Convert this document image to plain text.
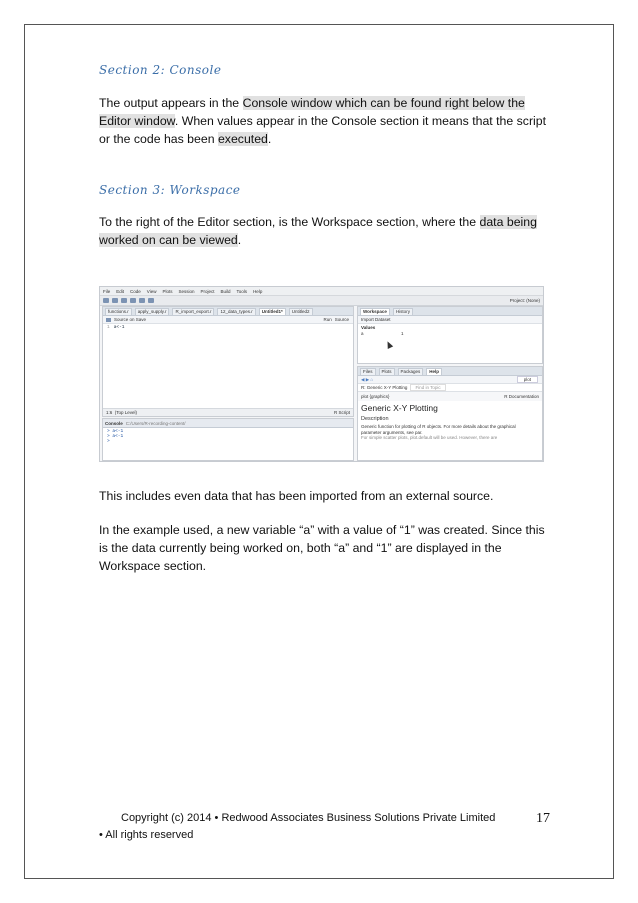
Section 2: Console
The output appears in the Console window which can be found right below the Editor window. When values appear in the Console section it means that the script or the code has been executed.
Section 3: Workspace
To the right of the Editor section, is the Workspace section, where the data being worked on can be viewed.
File Edit Code View Plots Session Project Build Tools Help
Project: (None)
functions.r	apply_supply.r	R_import_export.r	12_data_types.r	Untitled1*	Untitled2
Source on Save	Run Source
1 a<-1
1:6 (Top Level)	R Script
Console C:/Users/R-recording-content/
> a<-1
> a<-1
>
Workspace	History
Import Dataset
Values
a	1
Files	Plots	Packages	Help
◀ ▶ ⌂	plot
R: Generic X-Y Plotting	Find in Topic
plot {graphics}	R Documentation
Generic X-Y Plotting
Description
Generic function for plotting of R objects. For more details about the graphical
parameter arguments, see par.
For simple scatter plots, plot.default will be used. However, there are
This includes even data that has been imported from an external source.
In the example used, a new variable “a” with a value of “1” was created. Since this is the data currently being worked on, both “a” and “1” are displayed in the Workspace section.
Copyright (c) 2014 • Redwood Associates Business Solutions Private Limited
• All rights reserved
17
